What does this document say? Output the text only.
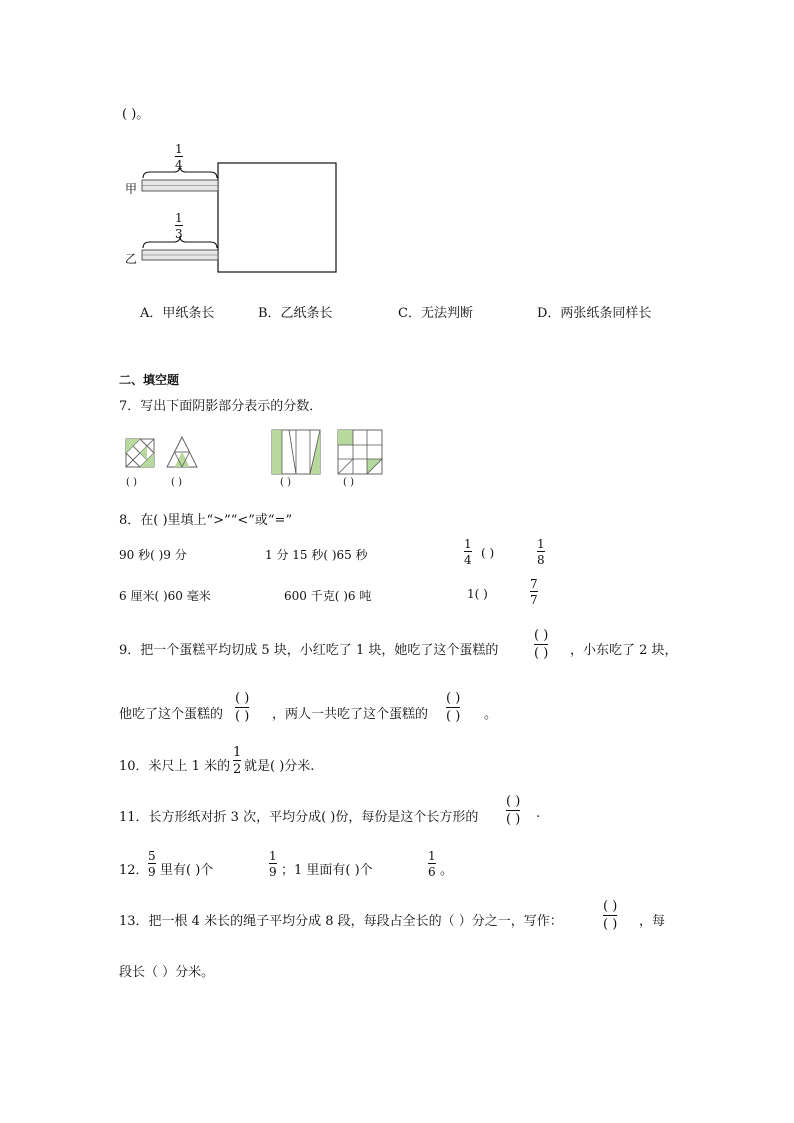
( )。
甲
乙
1
4
1
3
A．甲纸条长	B．乙纸条长	C．无法判断	D．两张纸条同样长
二、填空题
7．写出下面阴影部分表示的分数．
( )	( )	( )	( )
8．在( )里填上“>”“<”或“=”
90 秒( )9 分	1 分 15 秒( )65 秒
1
4 ( )
1
8
6 厘米( )60 毫米	600 千克( )6 吨	1( )
7
7
9．把一个蛋糕平均切成 5 块，小红吃了 1 块，她吃了这个蛋糕的
( )
( ) ，小东吃了 2 块，
他吃了这个蛋糕的
( )
( ) ，两人一共吃了这个蛋糕的
( )
( ) 。
10．米尺上 1 米的
1
2 就是( )分米.
11．长方形纸对折 3 次，平均分成( )份，每份是这个长方形的
( )
( ) .
12．
5
9 里有( )个
1
9 ；1 里面有( )个
1
6 。
13．把一根 4 米长的绳子平均分成 8 段，每段占全长的（ ）分之一，写作：
( )
( ) ，每
段长（ ）分米。
